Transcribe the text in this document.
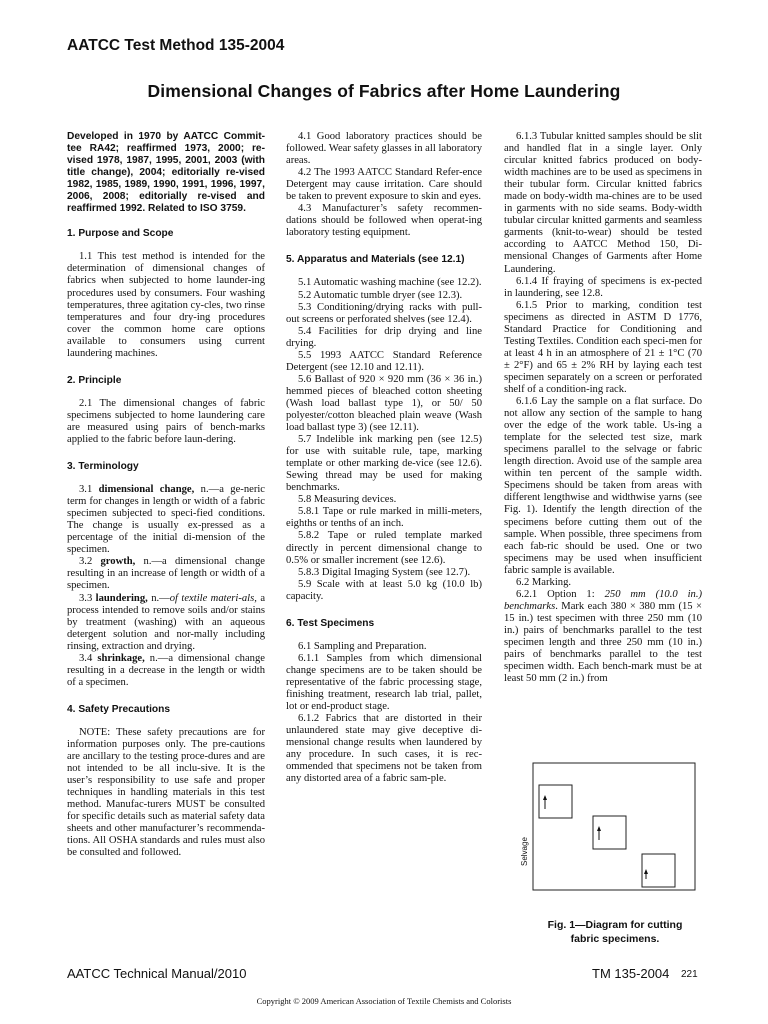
AATCC Test Method 135-2004
Dimensional Changes of Fabrics after Home Laundering

Developed in 1970 by AATCC Commit-tee RA42; reaffirmed 1973, 2000; re-vised 1978, 1987, 1995, 2001, 2003 (with title change), 2004; editorially re-vised 1982, 1985, 1989, 1990, 1991, 1996, 1997, 2006, 2008; editorially re-vised and reaffirmed 1992. Related to ISO 3759.

1. Purpose and Scope

1.1 This test method is intended for the determination of dimensional changes of fabrics when subjected to home launder-ing procedures used by consumers. Four washing temperatures, three agitation cy-cles, two rinse temperatures and four dry-ing procedures cover the common home care options available to consumers using current laundering machines.

2. Principle

2.1 The dimensional changes of fabric specimens subjected to home laundering care are measured using pairs of bench-marks applied to the fabric before laun-dering.

3. Terminology

3.1 dimensional change, n.—a ge-neric term for changes in length or width of a fabric specimen subjected to speci-fied conditions. The change is usually ex-pressed as a percentage of the initial di-mension of the specimen.

3.2 growth, n.—a dimensional change resulting in an increase of length or width of a specimen.

3.3 laundering, n.—of textile materi-als, a process intended to remove soils and/or stains by treatment (washing) with an aqueous detergent solution and nor-mally including rinsing, extraction and drying.

3.4 shrinkage, n.—a dimensional change resulting in a decrease in the length or width of a specimen.

4. Safety Precautions

NOTE: These safety precautions are for information purposes only. The pre-cautions are ancillary to the testing proce-dures and are not intended to be all inclu-sive. It is the user’s responsibility to use safe and proper techniques in handling materials in this test method. Manufac-turers MUST be consulted for specific details such as material safety data sheets and other manufacturer’s recommenda-tions. All OSHA standards and rules must also be consulted and followed.

4.1 Good laboratory practices should be followed. Wear safety glasses in all laboratory areas.

4.2 The 1993 AATCC Standard Refer-ence Detergent may cause irritation. Care should be taken to prevent exposure to skin and eyes.

4.3 Manufacturer’s safety recommen-dations should be followed when operat-ing laboratory testing equipment.

5. Apparatus and Materials (see 12.1)

5.1 Automatic washing machine (see 12.2).

5.2 Automatic tumble dryer (see 12.3).

5.3 Conditioning/drying racks with pull-out screens or perforated shelves (see 12.4).

5.4 Facilities for drip drying and line drying.

5.5 1993 AATCC Standard Reference Detergent (see 12.10 and 12.11).

5.6 Ballast of 920 × 920 mm (36 × 36 in.) hemmed pieces of bleached cotton sheeting (Wash load ballast type 1), or 50/ 50 polyester/cotton bleached plain weave (Wash load ballast type 3) (see 12.11).

5.7 Indelible ink marking pen (see 12.5) for use with suitable rule, tape, marking template or other marking de-vice (see 12.6). Sewing thread may be used for making benchmarks.

5.8 Measuring devices.

5.8.1 Tape or rule marked in milli-meters, eighths or tenths of an inch.

5.8.2 Tape or ruled template marked directly in percent dimensional change to 0.5% or smaller increment (see 12.6).

5.8.3 Digital Imaging System (see 12.7).

5.9 Scale with at least 5.0 kg (10.0 lb) capacity.

6. Test Specimens

6.1 Sampling and Preparation.

6.1.1 Samples from which dimensional change specimens are to be taken should be representative of the fabric processing stage, finishing treatment, research lab trial, pallet, lot or end-product stage.

6.1.2 Fabrics that are distorted in their unlaundered state may give deceptive di-mensional change results when laundered by any procedure. In such cases, it is rec-ommended that specimens not be taken from any distorted area of a fabric sam-ple.

6.1.3 Tubular knitted samples should be slit and handled flat in a single layer. Only circular knitted fabrics produced on body-width machines are to be used as specimens in their tubular form. Circular knitted fabrics made on body-width ma-chines are to be used in garments with no side seams. Body-width tubular circular knitted garments and seamless garments (knit-to-wear) should be tested according to AATCC Method 150, Di-mensional Changes of Garments after Home Laundering.

6.1.4 If fraying of specimens is ex-pected in laundering, see 12.8.

6.1.5 Prior to marking, condition test specimens as directed in ASTM D 1776, Standard Practice for Conditioning and Testing Textiles. Condition each speci-men for at least 4 h in an atmosphere of 21 ± 1°C (70 ± 2°F) and 65 ± 2% RH by laying each test specimen separately on a screen or perforated shelf of a condition-ing rack.

6.1.6 Lay the sample on a flat surface. Do not allow any section of the sample to hang over the edge of the work table. Us-ing a template for the selected test size, mark specimens parallel to the selvage or fabric length direction. Avoid use of the sample area within ten percent of the sample width. Specimens should be taken from areas with different lengthwise and widthwise yarns (see Fig. 1). Identify the length direction of the specimens before cutting them out of the sample. When possible, three specimens from each fab-ric should be used. One or two specimens may be used when insufficient fabric sample is available.

6.2 Marking.

6.2.1 Option 1: 250 mm (10.0 in.) benchmarks. Mark each 380 × 380 mm (15 × 15 in.) test specimen with three 250 mm (10 in.) pairs of benchmarks parallel to the test specimen length and three 250 mm (10 in.) pairs of benchmarks parallel to the test specimen width. Each bench-mark must be at least 50 mm (2 in.) from

Selvage
Fig. 1—Diagram for cutting
fabric specimens.
AATCC Technical Manual/2010	TM 135-2004 221
Copyright © 2009 American Association of Textile Chemists and Colorists
